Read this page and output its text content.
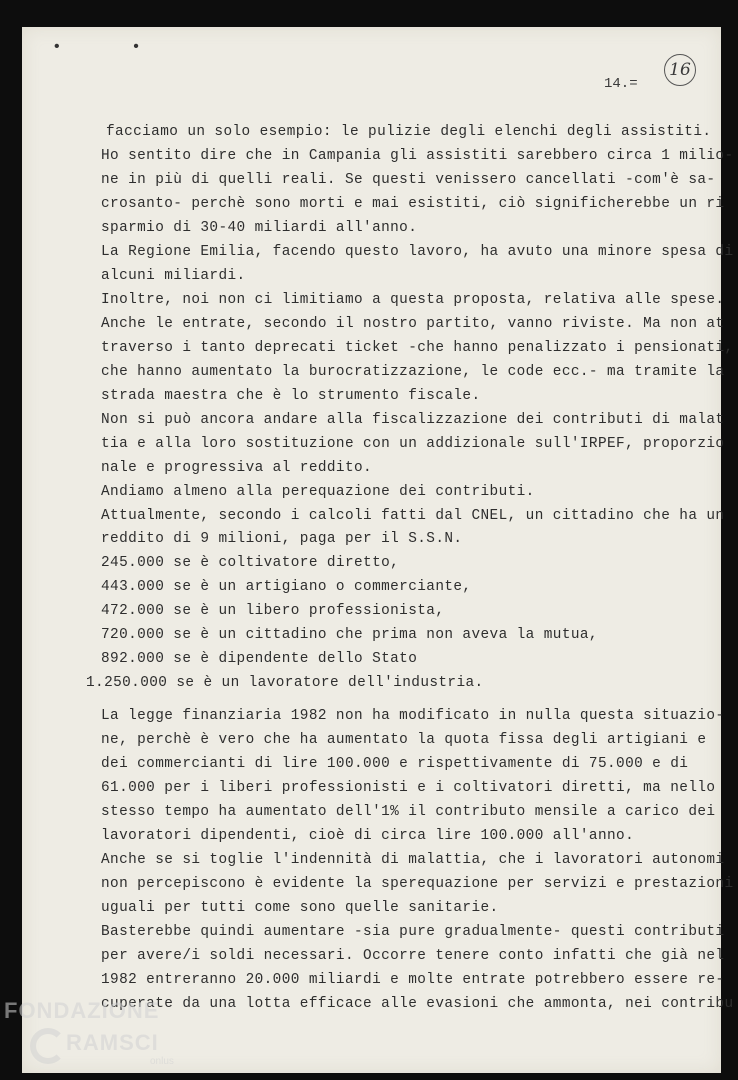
• •
14.=
16

facciamo un solo esempio: le pulizie degli elenchi degli assistiti.

Ho sentito dire che in Campania gli assistiti sarebbero circa 1 milio-

ne in più di quelli reali. Se questi venissero cancellati -com'è sa-

crosanto- perchè sono morti e mai esistiti, ciò significherebbe un ri

sparmio di 30-40 miliardi all'anno.

La Regione Emilia, facendo questo lavoro, ha avuto una minore spesa di

alcuni miliardi.

Inoltre, noi non ci limitiamo a questa proposta, relativa alle spese.

Anche le entrate, secondo il nostro partito, vanno riviste. Ma non at

traverso i tanto deprecati ticket -che hanno penalizzato i pensionati,

che hanno aumentato la burocratizzazione, le code ecc.- ma tramite la

strada maestra che è lo strumento fiscale.

Non si può ancora andare alla fiscalizzazione dei contributi di malat

tia e alla loro sostituzione con un addizionale sull'IRPEF, proporzio

nale e progressiva al reddito.

Andiamo almeno alla perequazione dei contributi.

Attualmente, secondo i calcoli fatti dal CNEL, un cittadino che ha un

reddito di 9 milioni, paga per il S.S.N.

245.000 se è coltivatore diretto,

443.000 se è un artigiano o commerciante,

472.000 se è un libero professionista,

720.000 se è un cittadino che prima non aveva la mutua,

892.000 se è dipendente dello Stato

1.250.000 se è un lavoratore dell'industria.

La legge finanziaria 1982 non ha modificato in nulla questa situazio-

ne, perchè è vero che ha aumentato la quota fissa degli artigiani e

dei commercianti di lire 100.000 e rispettivamente di 75.000 e di

61.000 per i liberi professionisti e i coltivatori diretti, ma nello

stesso tempo ha aumentato dell'1% il contributo mensile a carico dei

lavoratori dipendenti, cioè di circa lire 100.000 all'anno.

Anche se si toglie l'indennità di malattia, che i lavoratori autonomi

non percepiscono è evidente la sperequazione per servizi e prestazioni

uguali per tutti come sono quelle sanitarie.

Basterebbe quindi aumentare -sia pure gradualmente- questi contributi

per avere/i soldi necessari. Occorre tenere conto infatti che già nel

1982 entreranno 20.000 miliardi e molte entrate potrebbero essere re-

cuperate da una lotta efficace alle evasioni che ammonta, nei contribu

FONDAZIONE
RAMSCI
onlus
